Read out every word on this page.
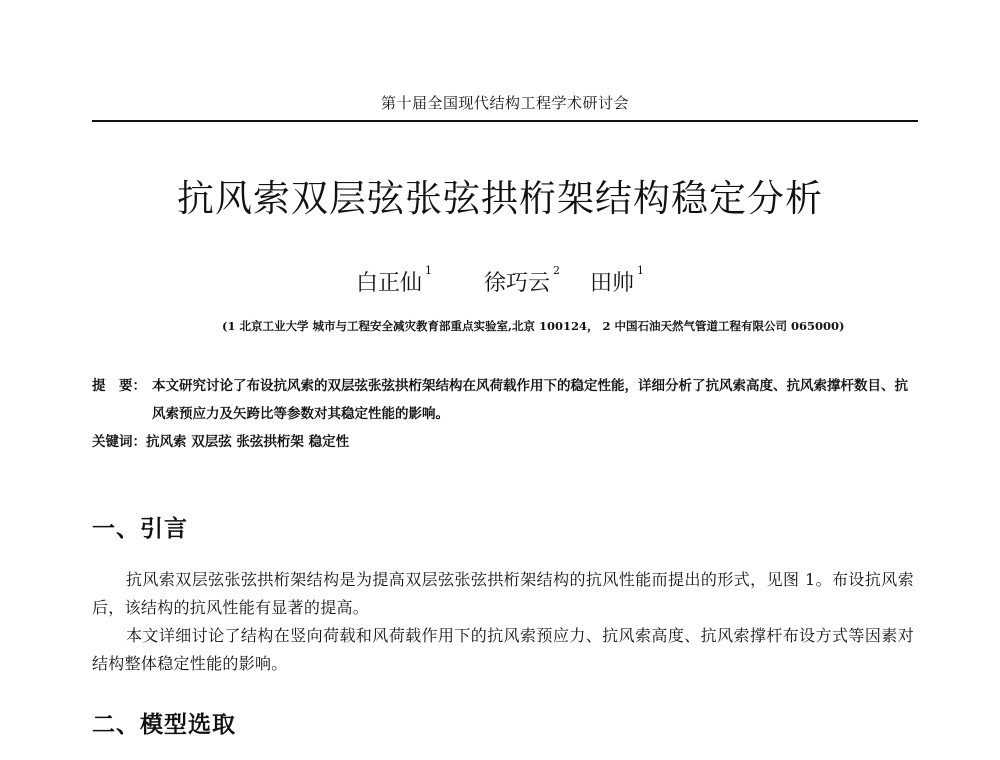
第十届全国现代结构工程学术研讨会
抗风索双层弦张弦拱桁架结构稳定分析
白正仙$^1$徐巧云$^2$田帅$^1$
(1 北京工业大学 城市与工程安全减灾教育部重点实验室,北京 100124， 2 中国石油天然气管道工程有限公司 065000)
提　要： 本文研究讨论了布设抗风索的双层弦张弦拱桁架结构在风荷载作用下的稳定性能，详细分析了抗风索高度、抗风索撑杆数目、抗风索预应力及矢跨比等参数对其稳定性能的影响。
关键词：抗风索 双层弦 张弦拱桁架 稳定性
一、引言

抗风索双层弦张弦拱桁架结构是为提高双层弦张弦拱桁架结构的抗风性能而提出的形式，见图 1。布设抗风索后，该结构的抗风性能有显著的提高。

本文详细讨论了结构在竖向荷载和风荷载作用下的抗风索预应力、抗风索高度、抗风索撑杆布设方式等因素对结构整体稳定性能的影响。

二、模型选取
